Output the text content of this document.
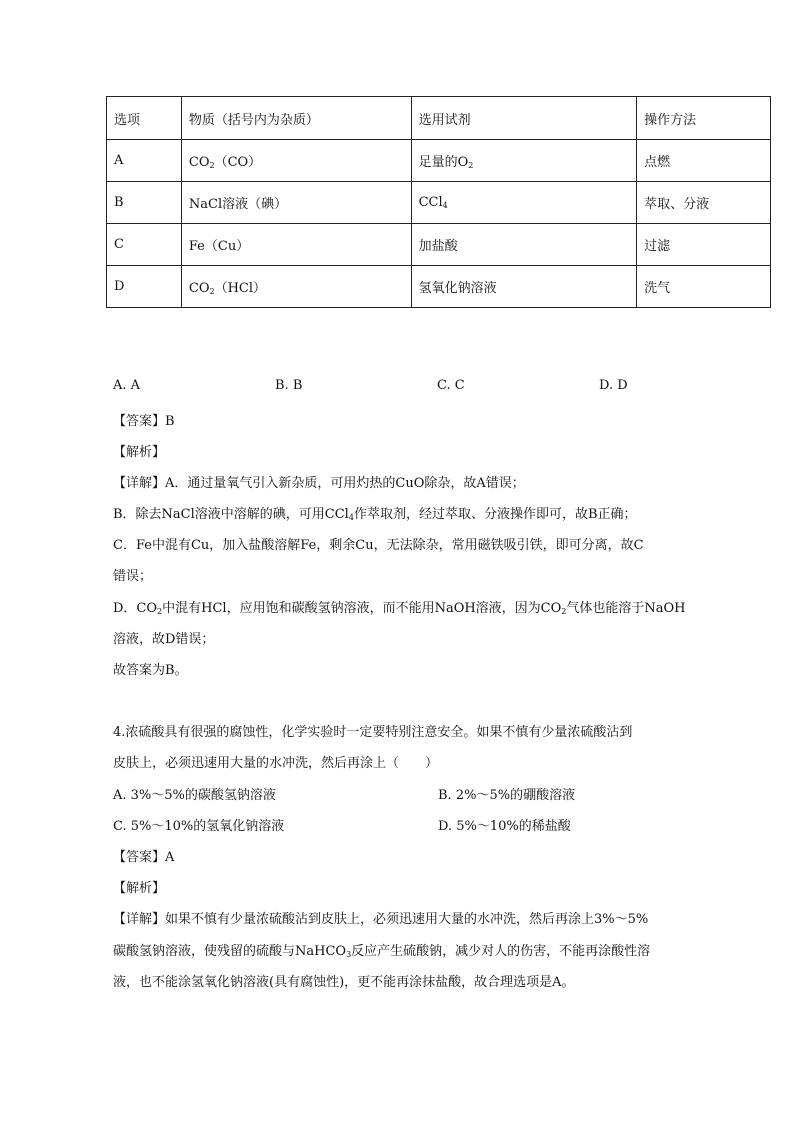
选项	物质（括号内为杂质）	选用试剂	操作方法
A	$CO_2(CO)$	足量的$O_2$	点燃
B	NaCl溶液（碘）	CCl$_4$	萃取、分液
C	Fe（Cu）	加盐酸	过滤
D	$CO_2(HCl)$	氢氧化钠溶液	洗气
A. A	B. B	C. C	D. D
【答案】B
【解析】
【详解】A．通过量氧气引入新杂质，可用灼热的CuO除杂，故A错误；
B．除去NaCl溶液中溶解的碘，可用CCl$_4$作萃取剂，经过萃取、分液操作即可，故B正确；
C．Fe中混有Cu，加入盐酸溶解Fe，剩余Cu，无法除杂，常用磁铁吸引铁，即可分离，故C
错误；
D．$CO_2$中混有HCl，应用饱和碳酸氢钠溶液，而不能用NaOH溶液，因为$CO_2$气体也能溶于NaOH
溶液，故D错误；
故答案为B。
4.浓硫酸具有很强的腐蚀性，化学实验时一定要特别注意安全。如果不慎有少量浓硫酸沾到
皮肤上，必须迅速用大量的水冲洗，然后再涂上（　　）
A. 3%～5%的碳酸氢钠溶液	B. 2%～5%的硼酸溶液
C. 5%～10%的氢氧化钠溶液	D. 5%～10%的稀盐酸
【答案】A
【解析】
【详解】如果不慎有少量浓硫酸沾到皮肤上，必须迅速用大量的水冲洗，然后再涂上3%～5%
碳酸氢钠溶液，使残留的硫酸与NaHCO$_3$反应产生硫酸钠，减少对人的伤害，不能再涂酸性溶
液，也不能涂氢氧化钠溶液(具有腐蚀性)，更不能再涂抹盐酸，故合理选项是A。
